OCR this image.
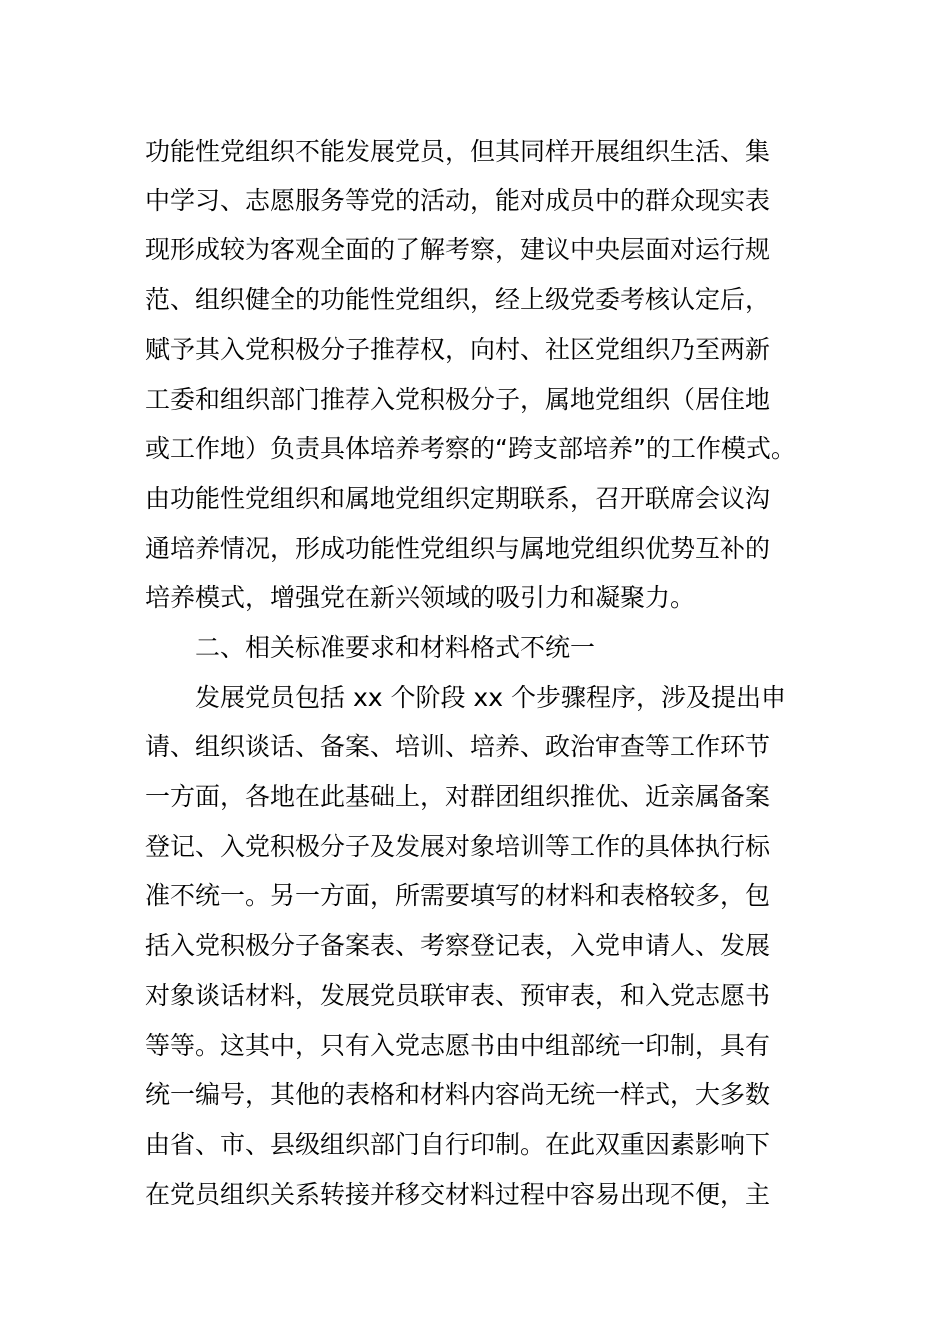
功能性党组织不能发展党员，但其同样开展组织生活、集
中学习、志愿服务等党的活动，能对成员中的群众现实表
现形成较为客观全面的了解考察，建议中央层面对运行规
范、组织健全的功能性党组织，经上级党委考核认定后，
赋予其入党积极分子推荐权，向村、社区党组织乃至两新
工委和组织部门推荐入党积极分子，属地党组织（居住地
或工作地）负责具体培养考察的“跨支部培养”的工作模式。
由功能性党组织和属地党组织定期联系，召开联席会议沟
通培养情况，形成功能性党组织与属地党组织优势互补的
培养模式，增强党在新兴领域的吸引力和凝聚力。
二、相关标准要求和材料格式不统一
发展党员包括 xx 个阶段 xx 个步骤程序，涉及提出申
请、组织谈话、备案、培训、培养、政治审查等工作环节
一方面，各地在此基础上，对群团组织推优、近亲属备案
登记、入党积极分子及发展对象培训等工作的具体执行标
准不统一。另一方面，所需要填写的材料和表格较多，包
括入党积极分子备案表、考察登记表，入党申请人、发展
对象谈话材料，发展党员联审表、预审表，和入党志愿书
等等。这其中，只有入党志愿书由中组部统一印制，具有
统一编号，其他的表格和材料内容尚无统一样式，大多数
由省、市、县级组织部门自行印制。在此双重因素影响下
在党员组织关系转接并移交材料过程中容易出现不便，主
